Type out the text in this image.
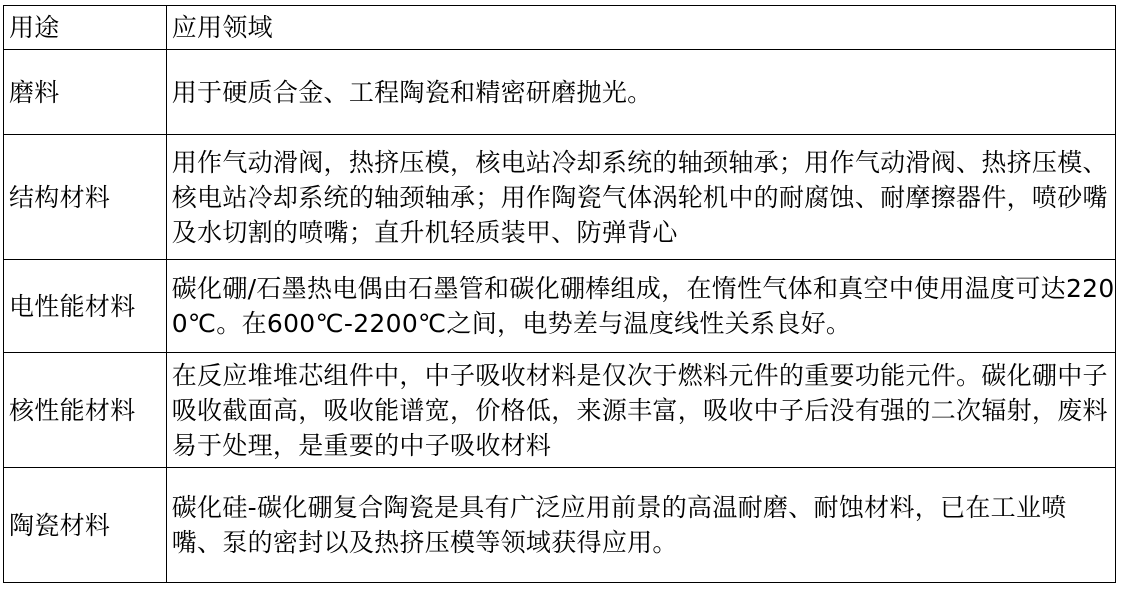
用途	应用领域
磨料	用于硬质合金、工程陶瓷和精密研磨抛光。
结构材料	用作气动滑阀，热挤压模，核电站冷却系统的轴颈轴承；用作气动滑阀、热挤压模、核电站冷却系统的轴颈轴承；用作陶瓷气体涡轮机中的耐腐蚀、耐摩擦器件，喷砂嘴及水切割的喷嘴；直升机轻质装甲、防弹背心
电性能材料	碳化硼/石墨热电偶由石墨管和碳化硼棒组成，在惰性气体和真空中使用温度可达2200℃。在600℃-2200℃之间，电势差与温度线性关系良好。
核性能材料	在反应堆堆芯组件中，中子吸收材料是仅次于燃料元件的重要功能元件。碳化硼中子吸收截面高，吸收能谱宽，价格低，来源丰富，吸收中子后没有强的二次辐射，废料易于处理，是重要的中子吸收材料
陶瓷材料	碳化硅-碳化硼复合陶瓷是具有广泛应用前景的高温耐磨、耐蚀材料，已在工业喷嘴、泵的密封以及热挤压模等领域获得应用。
